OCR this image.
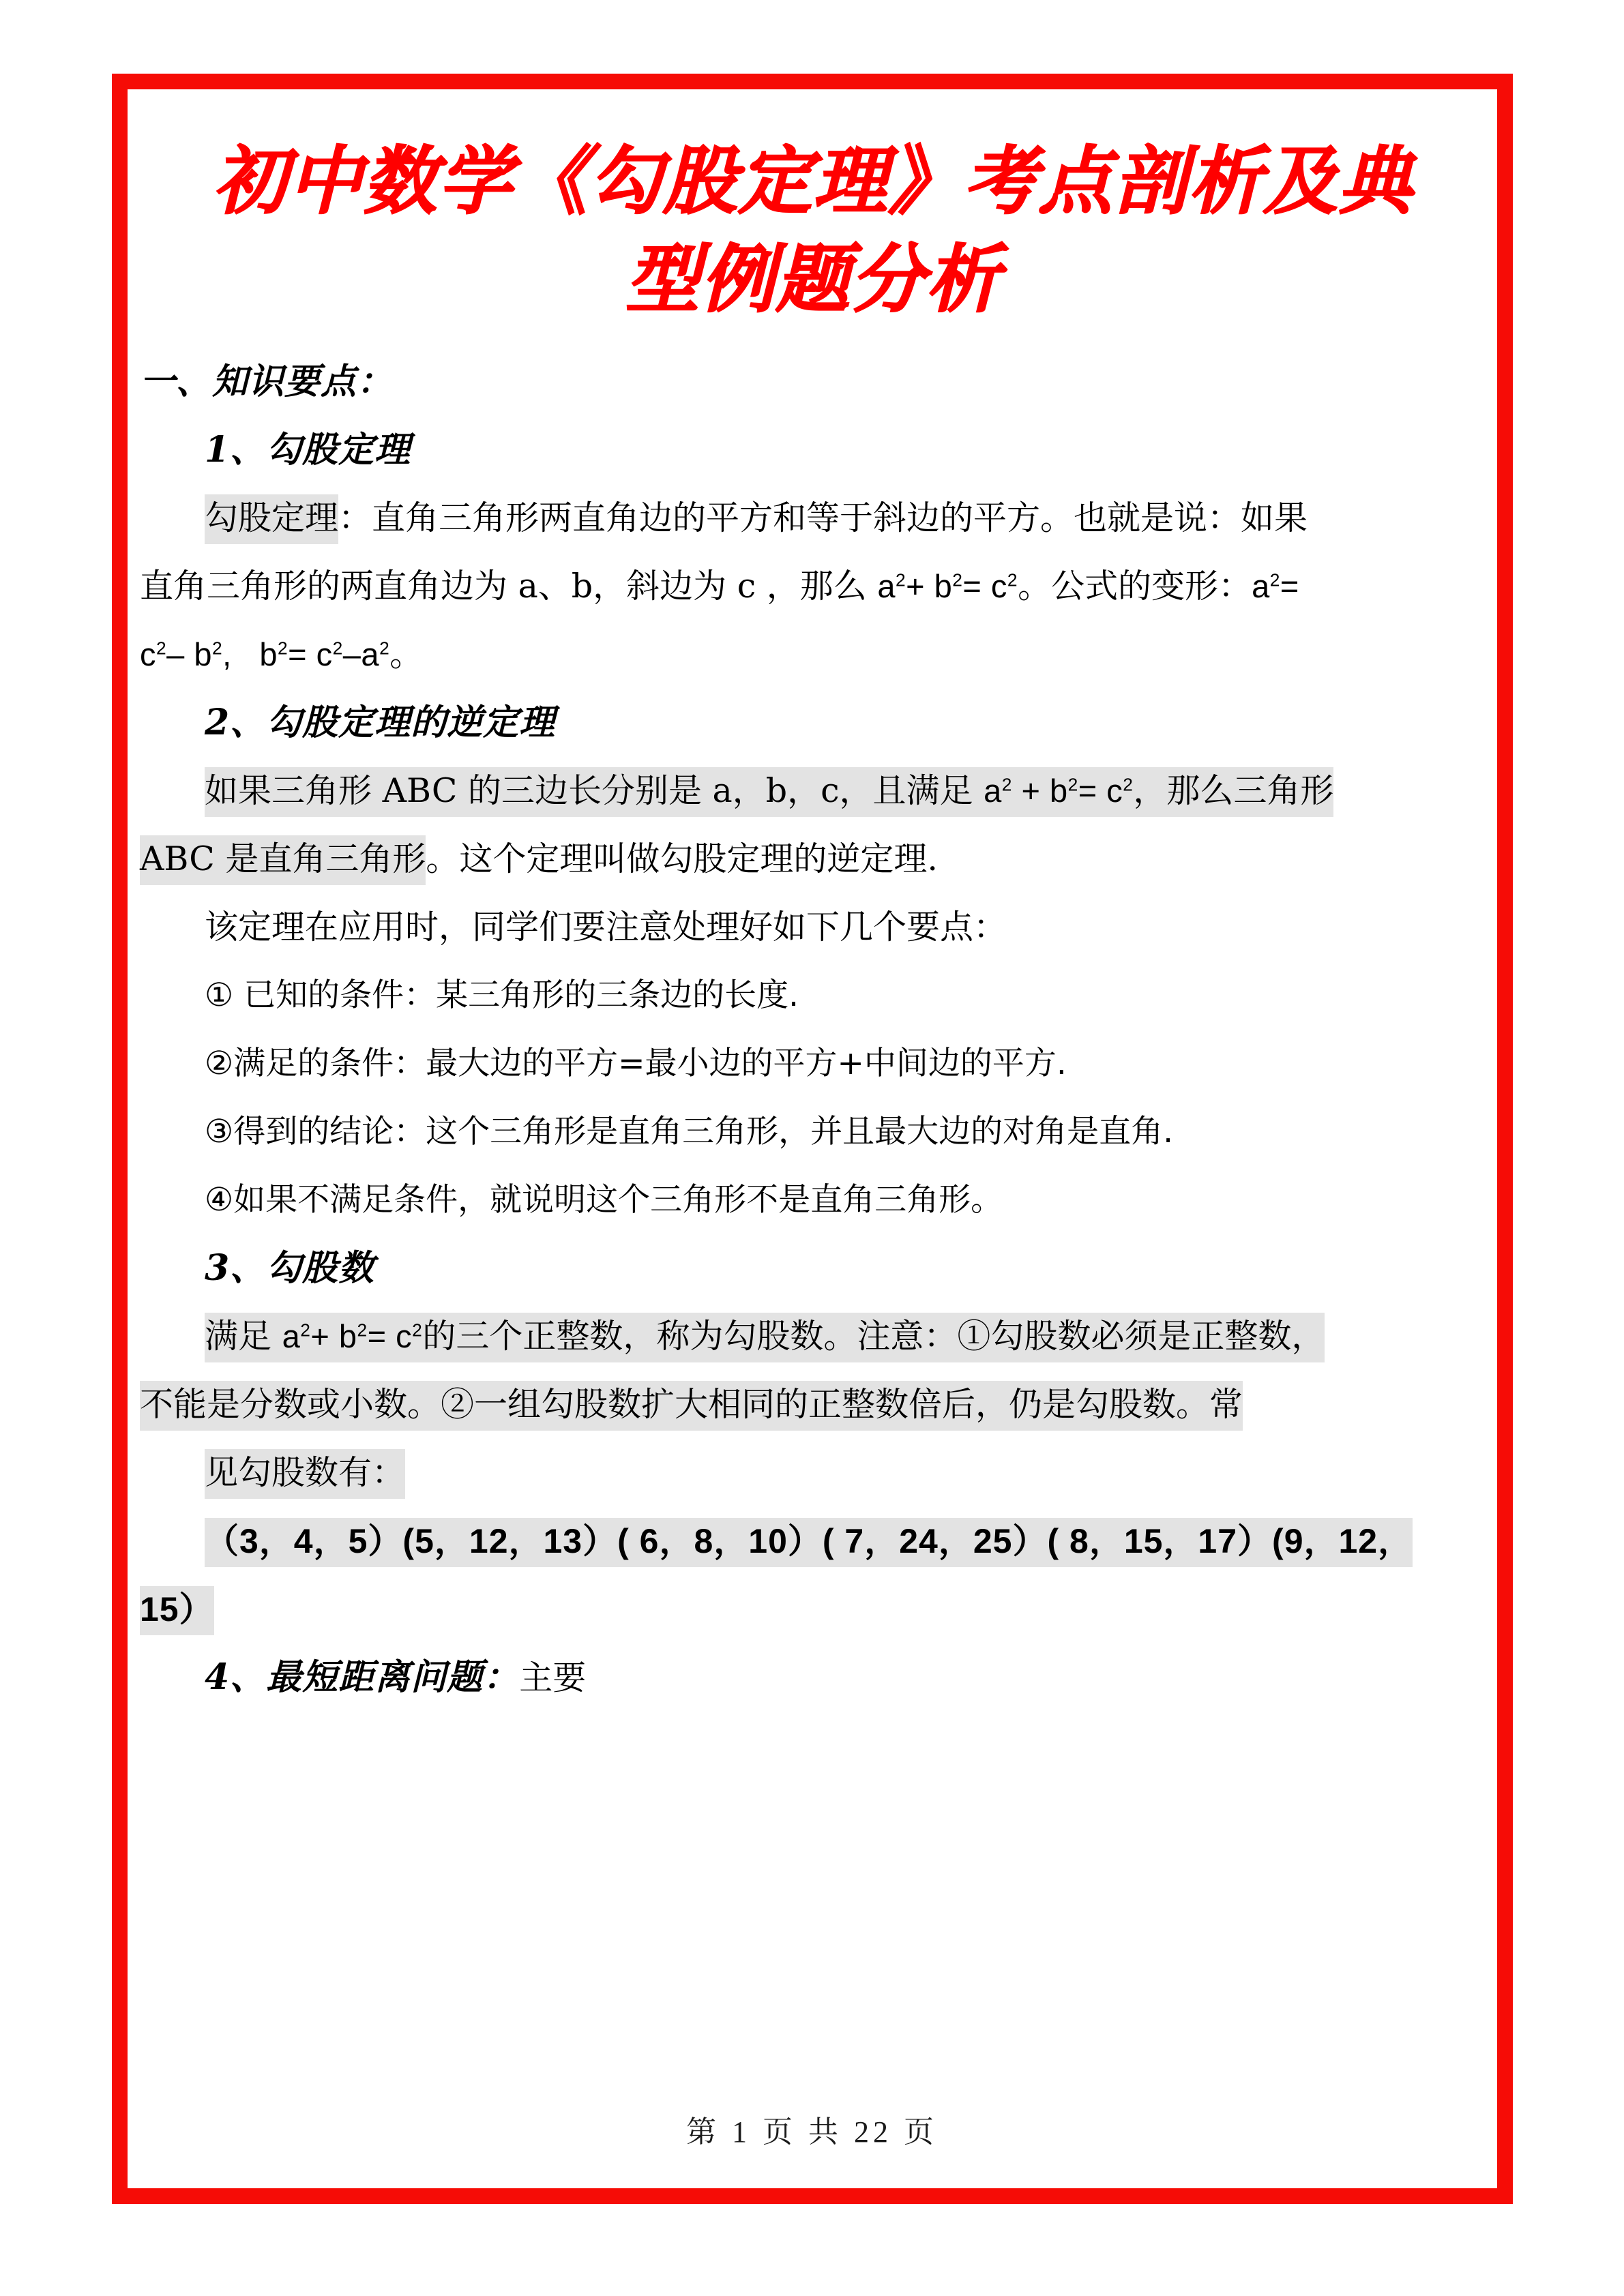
初中数学《勾股定理》考点剖析及典型例题分析
一、知识要点：
1、勾股定理
勾股定理：直角三角形两直角边的平方和等于斜边的平方。也就是说：如果
直角三角形的两直角边为 a、b，斜边为 c ，那么 $a^2+ b^2= c^2$。公式的变形：$a^2=$
$c^2-$ $b^2$,   $b^2= c^2-a^2$。
2、勾股定理的逆定理
如果三角形 ABC 的三边长分别是 a，b，c，且满足 $a^2 + b^2= c^2$，那么三角形
ABC 是直角三角形。这个定理叫做勾股定理的逆定理.
该定理在应用时，同学们要注意处理好如下几个要点：
① 已知的条件：某三角形的三条边的长度.
②满足的条件：最大边的平方=最小边的平方+中间边的平方.
③得到的结论：这个三角形是直角三角形，并且最大边的对角是直角.
④如果不满足条件，就说明这个三角形不是直角三角形。
3、勾股数
满足 $a^2+ b^2= c^2$的三个正整数，称为勾股数。注意：①勾股数必须是正整数，
不能是分数或小数。②一组勾股数扩大相同的正整数倍后，仍是勾股数。常
见勾股数有：
（3，4，5）(5，12，13）( 6，8，10）( 7，24，25）( 8，15，17）(9，12，
15）
4、最短距离问题：主要
第 1 页 共 22 页
